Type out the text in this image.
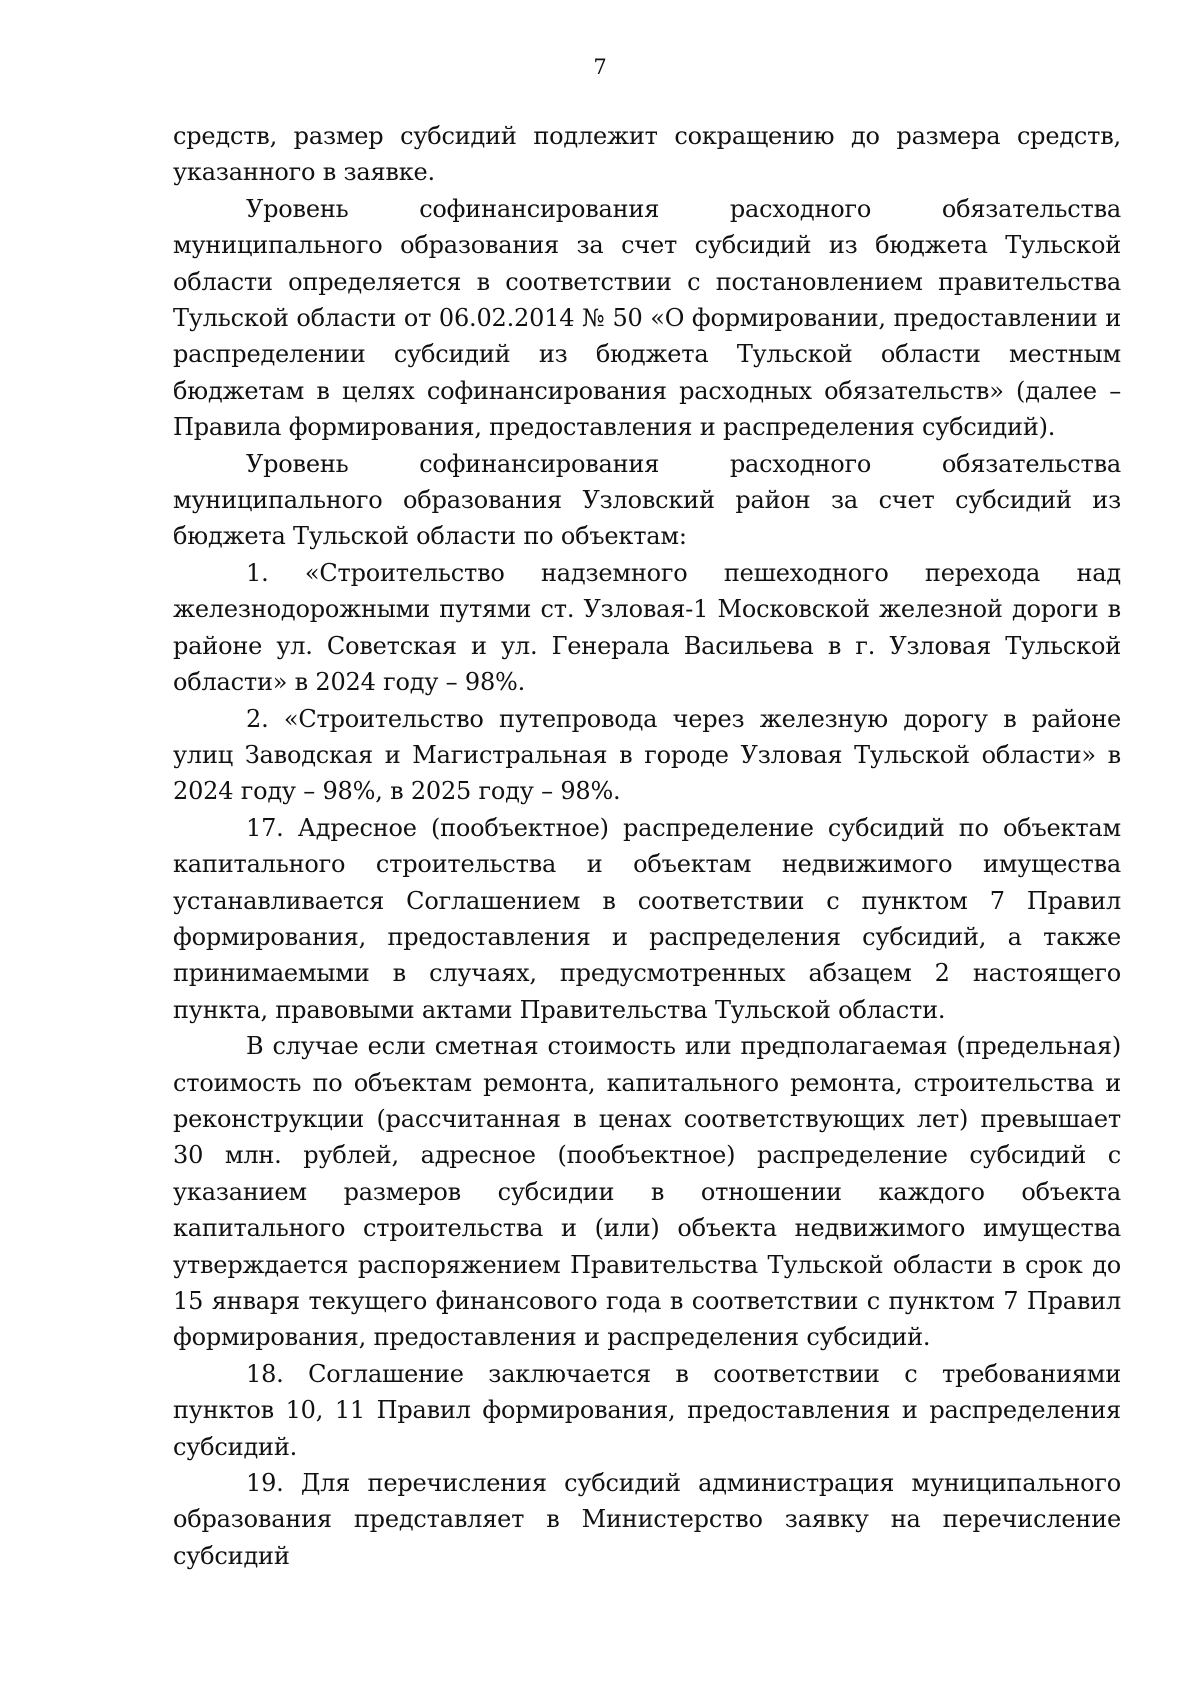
7

средств, размер субсидий подлежит сокращению до размера средств, указанного в заявке.

Уровень софинансирования расходного обязательства муниципального образования за счет субсидий из бюджета Тульской области определяется в соответствии с постановлением правительства Тульской области от 06.02.2014 № 50 «О формировании, предоставлении и распределении субсидий из бюджета Тульской области местным бюджетам в целях софинансирования расходных обязательств» (далее – Правила формирования, предоставления и распределения субсидий).

Уровень софинансирования расходного обязательства муниципального образования Узловский район за счет субсидий из бюджета Тульской области по объектам:

1. «Строительство надземного пешеходного перехода над железнодорожными путями ст. Узловая-1 Московской железной дороги в районе ул. Советская и ул. Генерала Васильева в г. Узловая Тульской области» в 2024 году – 98%.

2. «Строительство путепровода через железную дорогу в районе улиц Заводская и Магистральная в городе Узловая Тульской области» в 2024 году – 98%, в 2025 году – 98%.

17. Адресное (пообъектное) распределение субсидий по объектам капитального строительства и объектам недвижимого имущества устанавливается Соглашением в соответствии с пунктом 7 Правил формирования, предоставления и распределения субсидий, а также принимаемыми в случаях, предусмотренных абзацем 2 настоящего пункта, правовыми актами Правительства Тульской области.

В случае если сметная стоимость или предполагаемая (предельная) стоимость по объектам ремонта, капитального ремонта, строительства и реконструкции (рассчитанная в ценах соответствующих лет) превышает 30 млн. рублей, адресное (пообъектное) распределение субсидий с указанием размеров субсидии в отношении каждого объекта капитального строительства и (или) объекта недвижимого имущества утверждается распоряжением Правительства Тульской области в срок до 15 января текущего финансового года в соответствии с пунктом 7 Правил формирования, предоставления и распределения субсидий.

18. Соглашение заключается в соответствии с требованиями пунктов 10, 11 Правил формирования, предоставления и распределения субсидий.

19. Для перечисления субсидий администрация муниципального образования представляет в Министерство заявку на перечисление субсидий
